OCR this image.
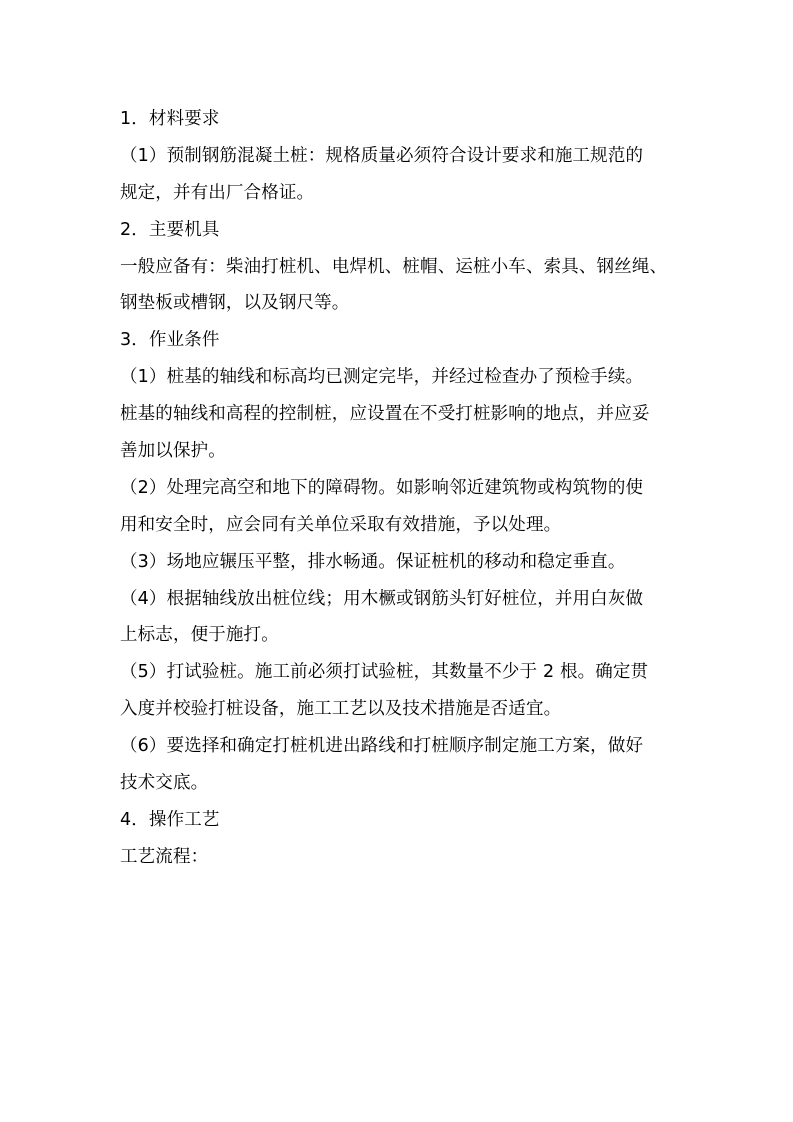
1．材料要求
（1）预制钢筋混凝土桩：规格质量必须符合设计要求和施工规范的
规定，并有出厂合格证。
2．主要机具
一般应备有：柴油打桩机、电焊机、桩帽、运桩小车、索具、钢丝绳、
钢垫板或槽钢，以及钢尺等。
3．作业条件
（1）桩基的轴线和标高均已测定完毕，并经过检查办了预检手续。
桩基的轴线和高程的控制桩，应设置在不受打桩影响的地点，并应妥
善加以保护。
（2）处理完高空和地下的障碍物。如影响邻近建筑物或构筑物的使
用和安全时，应会同有关单位采取有效措施，予以处理。
（3）场地应辗压平整，排水畅通。保证桩机的移动和稳定垂直。
（4）根据轴线放出桩位线；用木橛或钢筋头钉好桩位，并用白灰做
上标志，便于施打。
（5）打试验桩。施工前必须打试验桩，其数量不少于 2 根。确定贯
入度并校验打桩设备，施工工艺以及技术措施是否适宜。
（6）要选择和确定打桩机进出路线和打桩顺序制定施工方案，做好
技术交底。
4．操作工艺
工艺流程：
